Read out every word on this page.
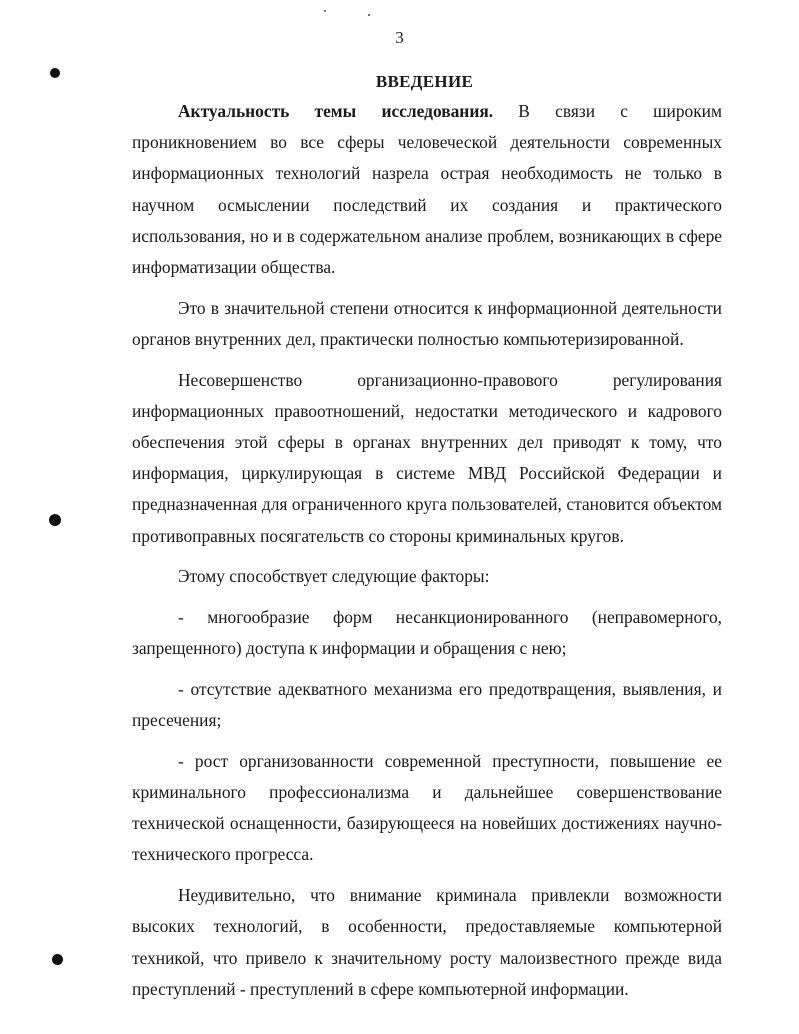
3
ВВЕДЕНИЕ

Актуальность темы исследования. В связи с широким проникновением во все сферы человеческой деятельности современных информационных технологий назрела острая необходимость не только в научном осмыслении последствий их создания и практического использования, но и в содержательном анализе проблем, возникающих в сфере информатизации общества.

Это в значительной степени относится к информационной деятельности органов внутренних дел, практически полностью компьютеризированной.

Несовершенство организационно-правового регулирования информационных правоотношений, недостатки методического и кадрового обеспечения этой сферы в органах внутренних дел приводят к тому, что информация, циркулирующая в системе МВД Российской Федерации и предназначенная для ограниченного круга пользователей, становится объектом противоправных посягательств со стороны криминальных кругов.

Этому способствует следующие факторы:

- многообразие форм несанкционированного (неправомерного, запрещенного) доступа к информации и обращения с нею;

- отсутствие адекватного механизма его предотвращения, выявления, и пресечения;

- рост организованности современной преступности, повышение ее криминального профессионализма и дальнейшее совершенствование технической оснащенности, базирующееся на новейших достижениях научно-технического прогресса.

Неудивительно, что внимание криминала привлекли возможности высоких технологий, в особенности, предоставляемые компьютерной техникой, что привело к значительному росту малоизвестного прежде вида преступлений - преступлений в сфере компьютерной информации.
